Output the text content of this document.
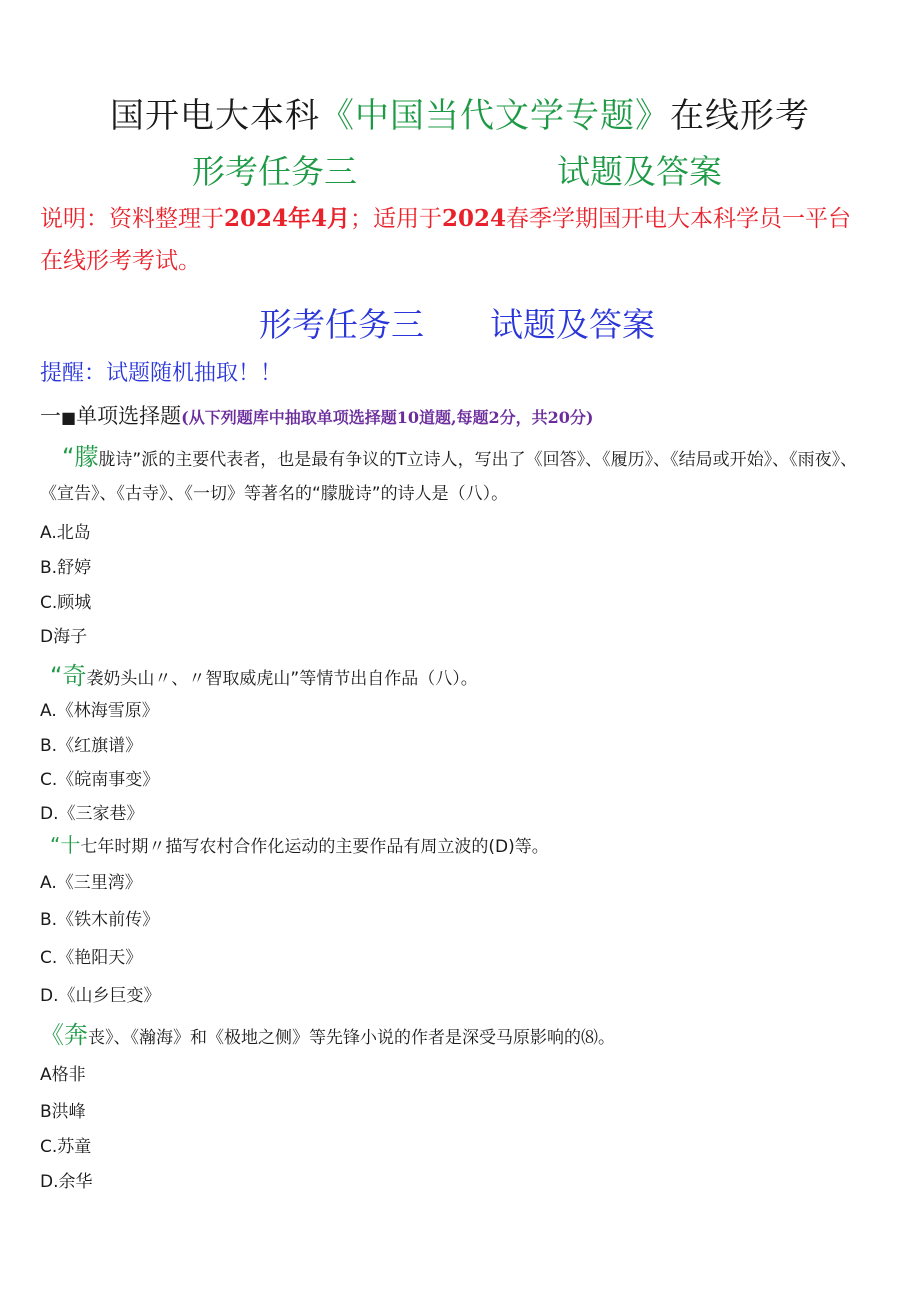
国开电大本科《中国当代文学专题》在线形考
形考任务三	试题及答案
说明：资料整理于2024年4月；适用于2024春季学期国开电大本科学员一平台在线形考考试。
形考任务三 试题及答案
提醒：试题随机抽取！！
一■单项选择题(从下列题库中抽取单项选择题10道题,每题2分，共20分)
“朦胧诗”派的主要代表者，也是最有争议的T立诗人，写出了《回答》、《履历》、《结局或开始》、《雨夜》、《宣告》、《古寺》、《一切》等著名的“朦胧诗”的诗人是（八）。
A.北岛
B.舒婷
C.顾城
D海子
“奇袭奶头山〃、〃智取威虎山”等情节出自作品（八）。
A.《林海雪原》
B.《红旗谱》
C.《皖南事变》
D.《三家巷》
“十七年时期〃描写农村合作化运动的主要作品有周立波的(D)等。
A.《三里湾》
B.《铁木前传》
C.《艳阳天》
D.《山乡巨变》
《奔丧》、《瀚海》和《极地之侧》等先锋小说的作者是深受马原影响的⑻。
A格非
B洪峰
C.苏童
D.余华
